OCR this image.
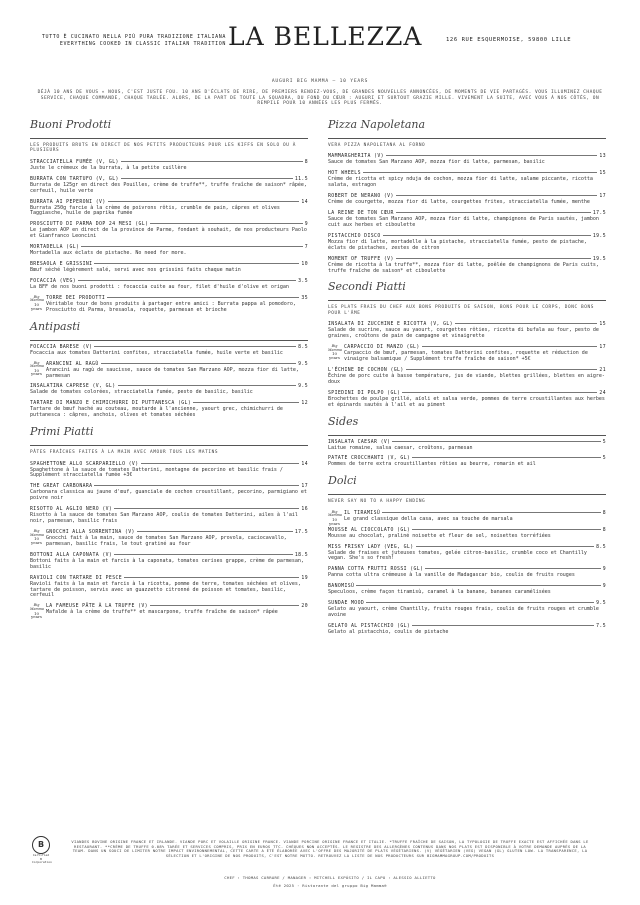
TUTTO È CUCINATO NELLA PIÙ PURA TRADIZIONE ITALIANA
EVERYTHING COOKED IN CLASSIC ITALIAN TRADITION LA BELLEZZA	126 RUE ESQUERMOISE, 59800 LILLE
AUGURI BIG MAMMA — 10 YEARS
DÉJÀ 10 ANS DE VOUS « NOUS, C'EST JUSTE FOU. 10 ANS D'ÉCLATS DE RIRE, DE PREMIERS RENDEZ-VOUS, DE GRANDES NOUVELLES ANNONCÉES, DE MOMENTS DE VIE PARTAGÉS. VOUS ILLUMINEZ CHAQUE SERVICE, CHAQUE COMMANDE, CHAQUE TABLÉE. ALORS, DE LA PART DE TOUTE LA SQUADRA, DU FOND DU CŒUR : AUGURI ET SURTOUT GRAZIE MILLE. VIVEMENT LA SUITE, AVEC VOUS À NOS CÔTÉS, ON REMPILE POUR 10 ANNÉES LES PLUS FERMÉS.
Buoni Prodotti
LES PRODUITS BRUTS EN DIRECT DE NOS PETITS PRODUCTEURS POUR LES KIFFS EN SOLO OU À PLUSIEURS
STRACCIATELLA FUMÉE (V, GL)	8
Juste le crémeux de la burrata, à la petite cuillère
BURRATA CON TARTUFO (V, GL)	11.5
Burrata de 125gr en direct des Pouilles, crème de truffe**, truffe fraîche de saison* râpée, cerfeuil, huile verte
BURRATA AI PEPERONI (V)	14
Burrata 250g farcie à la crème de poivrons rôtis, crumble de pain, câpres et olives Taggiasche, huile de paprika fumée
PROSCIUTTO DI PARMA DOP 24 MESI (GL)	9
Le jambon AOP en direct de la province de Parme, fondant à souhait, de nos producteurs Paolo et Gianfranco Leoncini
MORTADELLA (GL)	7
Mortadella aux éclats de pistache. No need for more.
BRESAOLA E GRISSINI	10
Bœuf séché légèrement salé, servi avec nos grissini faits chaque matin
FOCACCIA (VEG)	3.5
La BFF de nos buoni prodotti : focaccia cuite au four, filet d'huile d'olive et origan
Big
Mamma
10 years
TORRE DEI PRODOTTI	35
Véritable tour de bons produits à partager entre amici : Burrata pappa al pomodoro, Prosciutto di Parma, bresaola, roquette, parmesan et brioche
Antipasti
FOCACCIA BARESE (V)	8.5
Focaccia aux tomates Datterini confites, stracciatella fumée, huile verte et basilic
Big
Mamma
10 years
ARANCINI AL RAGÙ	9.5
Arancini au ragù de saucisse, sauce de tomates San Marzano AOP, mozza fior di latte, parmesan
INSALATINA CAPRESE (V, GL)	9.5
Salade de tomates colorées, stracciatella fumée, pesto de basilic, basilic
TARTARE DI MANZO E CHIMICHURRI DI PUTTANESCA (GL)	12
Tartare de bœuf haché au couteau, moutarde à l'ancienne, yaourt grec, chimichurri de puttanesca : câpres, anchois, olives et tomates séchées
Primi Piatti
PÂTES FRAÎCHES FAITES À LA MAIN AVEC AMOUR TOUS LES MATINS
SPAGHETTONE ALLO SCARPARIELLO (V)	14
Spaghettone à la sauce de tomates Datterini, montagne de pecorino et basilic frais / Supplément stracciatella fumée +3€
THE GREAT CARBONARA	17
Carbonara classica au jaune d'œuf, guanciale de cochon croustillant, pecorino, parmigiano et poivre noir
RISOTTO AL AGLIO NERO (V)	16
Risotto à la sauce de tomates San Marzano AOP, coulis de tomates Datterini, ailes à l'ail noir, parmesan, basilic frais
Big
Mamma
10 years
GNOCCHI ALLA SORRENTINA (V)	17.5
Gnocchi fait à la main, sauce de tomates San Marzano AOP, provola, caciocavallo, parmesan, basilic frais, le tout gratiné au four
BOTTONI ALLA CAPONATA (V)	18.5
Bottoni faits à la main et farcis à la caponata, tomates cerises grappe, crème de parmesan, basilic
RAVIOLI CON TARTARE DI PESCE	19
Ravioli faits à la main et farcis à la ricotta, pomme de terre, tomates séchées et olives, tartare de poisson, servis avec un guazzetto citronné de poisson et tomates, basilic, cerfeuil
Big
Mamma
10 years
LA FAMEUSE PÂTE À LA TRUFFE (V)	20
Mafalde à la crème de truffe** et mascarpone, truffe fraîche de saison* râpée
Pizza Napoletana
VERA PIZZA NAPOLETANA AL FORNO
MAMMARGHERITA (V)	13
Sauce de tomates San Marzano AOP, mozza fior di latte, parmesan, basilic
HOT WHEELS	15
Crème de ricotta et spicy nduja de cochon, mozza fior di latte, salame piccante, ricotta salata, estragon
ROBERT DE NERANO (V)	17
Crème de courgette, mozza fior di latte, courgettes frites, stracciatella fumée, menthe
LA REINE DE TON CŒUR	17.5
Sauce de tomates San Marzano AOP, mozza fior di latte, champignons de Paris sautés, jambon cuit aux herbes et ciboulette
PISTACCHIO DISCO	19.5
Mozza fior di latte, mortadelle à la pistache, stracciatella fumée, pesto de pistache, éclats de pistaches, zestes de citron
MOMENT OF TRUFFE (V)	19.5
Crème de ricotta à la truffe**, mozza fior di latte, poêlée de champignons de Paris cuits, truffe fraîche de saison* et ciboulette
Secondi Piatti
LES PLATS FRAIS DU CHEF AUX BONS PRODUITS DE SAISON, BONS POUR LE CORPS, DONC BONS POUR L'ÂME
INSALATA DI ZUCCHINE E RICOTTA (V, GL)	15
Salade de sucrine, sauce au yaourt, courgettes rôties, ricotta di bufala au four, pesto de graines, croûtons de pain de campagne et vinaigrette
Big
Mamma
10 years
CARPACCIO DI MANZO (GL)	17
Carpaccio de bœuf, parmesan, tomates Datterini confites, roquette et réduction de vinaigre balsamique / Supplément truffe fraîche de saison* +5€
L'ÉCHINE DE COCHON (GL)	21
Échine de porc cuite à basse température, jus de viande, blettes grillées, blettes en aigre-doux
SPIEDINI DI POLPO (GL)	24
Brochettes de poulpe grillé, aïoli et salsa verde, pommes de terre croustillantes aux herbes et épinards sautés à l'ail et au piment
Sides
INSALATA CAESAR (V)	5
Laitue romaine, salsa caesar, croûtons, parmesan
PATATE CROCCHANTI (V, GL)	5
Pommes de terre extra croustillantes rôties au beurre, romarin et ail
Dolci
NEVER SAY NO TO A HAPPY ENDING
Big
Mamma
10 years
IL TIRAMISÙ	8
Le grand classique della casa, avec sa touche de marsala
MOUSSE AL CIOCCOLATO (GL)	8
Mousse au chocolat, praliné noisette et fleur de sel, noisettes torréfiées
MISS FRISKY LADY (VEG, GL)	8.5
Salade de fraises et juteuses tomates, gelée citron-basilic, crumble coco et Chantilly vegan. She's so fresh!
PANNA COTTA FRUTTI ROSSI (GL)	9
Panna cotta ultra crémeuse à la vanille de Madagascar bio, coulis de fruits rouges
BANOMISÙ	9
Speculoos, crème façon tiramisù, caramel à la banane, bananes caramélisées
SUNDAE MOOD	9.5
Gelato au yaourt, crème Chantilly, fruits rouges frais, coulis de fruits rouges et crumble avoine
GELATO AL PISTACCHIO (GL)	7.5
Gelato al pistacchio, coulis de pistache
B
Certified B Corporation
VIANDES BOVINE ORIGINE FRANCE ET IRLANDE. VIANDE PORC ET VOLAILLE ORIGINE FRANCE. VIANDE PORCINE ORIGINE FRANCE ET ITALIE. *TRUFFE FRAÎCHE DE SAISON, LA TYPOLOGIE DE TRUFFE EXACTE EST AFFICHÉE DANS LE RESTAURANT. **CRÈME DE TRUFFE 0.08% TARÉE ET SERVICES COMPRIS, PRIX EN EUROS TTC. CHÈQUES NON ACCEPTÉS. LE REGISTRE DES ALLERGÈNES CONTENUS DANS NOS PLATS EST DISPONIBLE À VOTRE DEMANDE AUPRÈS DE LA TEAM. DANS UN SOUCI DE LIMITER NOTRE IMPACT ENVIRONNEMENTAL, CETTE CARTE A ÉTÉ ÉLABORÉE AVEC L'OFFRE DES MAJORITÉ DE PLATS VÉGÉTARIENS. (V) VÉGÉTARIEN (VEG) VEGAN (GL) GLUTEN LOW. LA TRANSPARENCE, LA SÉLECTION ET L'ORIGINE DE NOS PRODUITS, C'EST NOTRE MOTTO. RETROUVEZ LA LISTE DE NOS PRODUCTEURS SUR BIGMAMMAGROUP.COM/PRODUITS
CHEF : THOMAS CARRARE / MANAGER : MITCHELL EXPÓSITO / IL CAPO : ALESSIO ALLIETTO
Été 2025 · Ristorante del gruppo Big Mamma®
